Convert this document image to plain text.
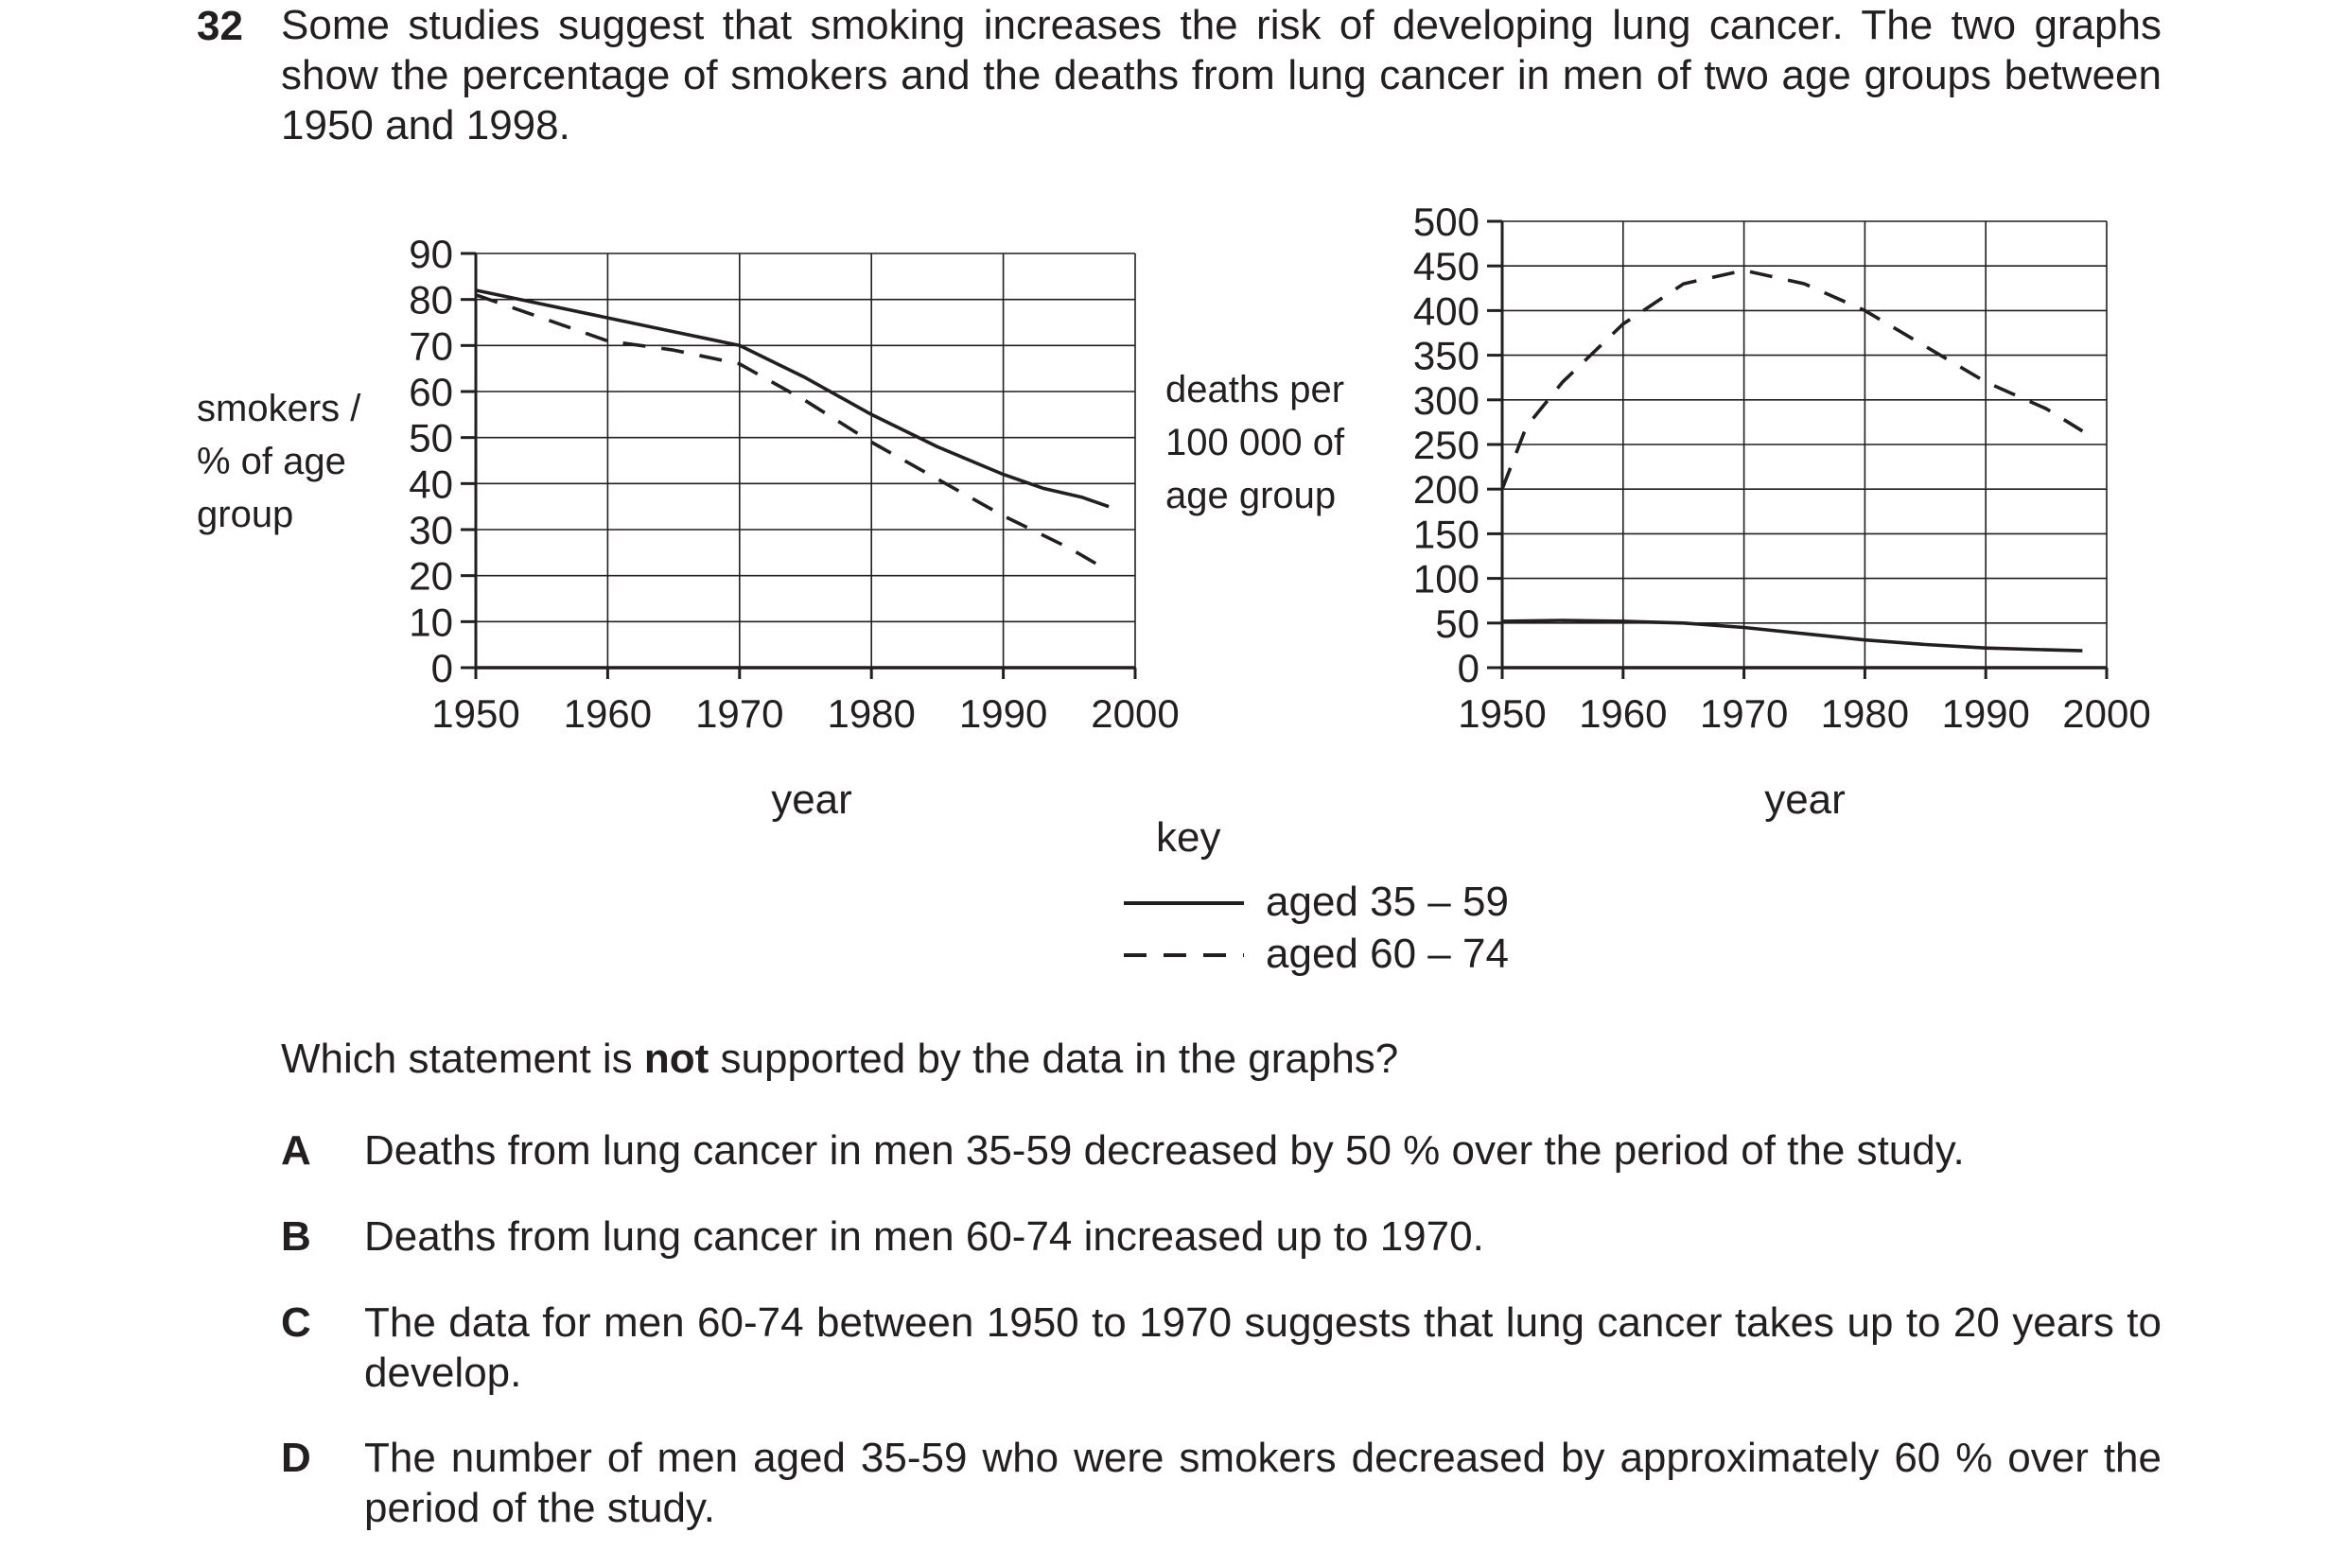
32 Some studies suggest that smoking increases the risk of developing lung cancer. The two graphs show the percentage of smokers and the deaths from lung cancer in men of two age groups between 1950 and 1998.
1950 1960 1970 1980 1990 2000
0
10
20
30
40
50
60
70
80
90
1950 1960 1970 1980 1990 2000
0
50
100
150
200
250
300
350
400
450
500
smokers / % of age group
year
deaths per 100 000 of age group
year
key
aged 35 – 59
aged 60 – 74
Which statement is not supported by the data in the graphs?
A Deaths from lung cancer in men 35-59 decreased by 50 % over the period of the study.
B Deaths from lung cancer in men 60-74 increased up to 1970.
C The data for men 60-74 between 1950 to 1970 suggests that lung cancer takes up to 20 years to develop.
D The number of men aged 35-59 who were smokers decreased by approximately 60 % over the period of the study.
